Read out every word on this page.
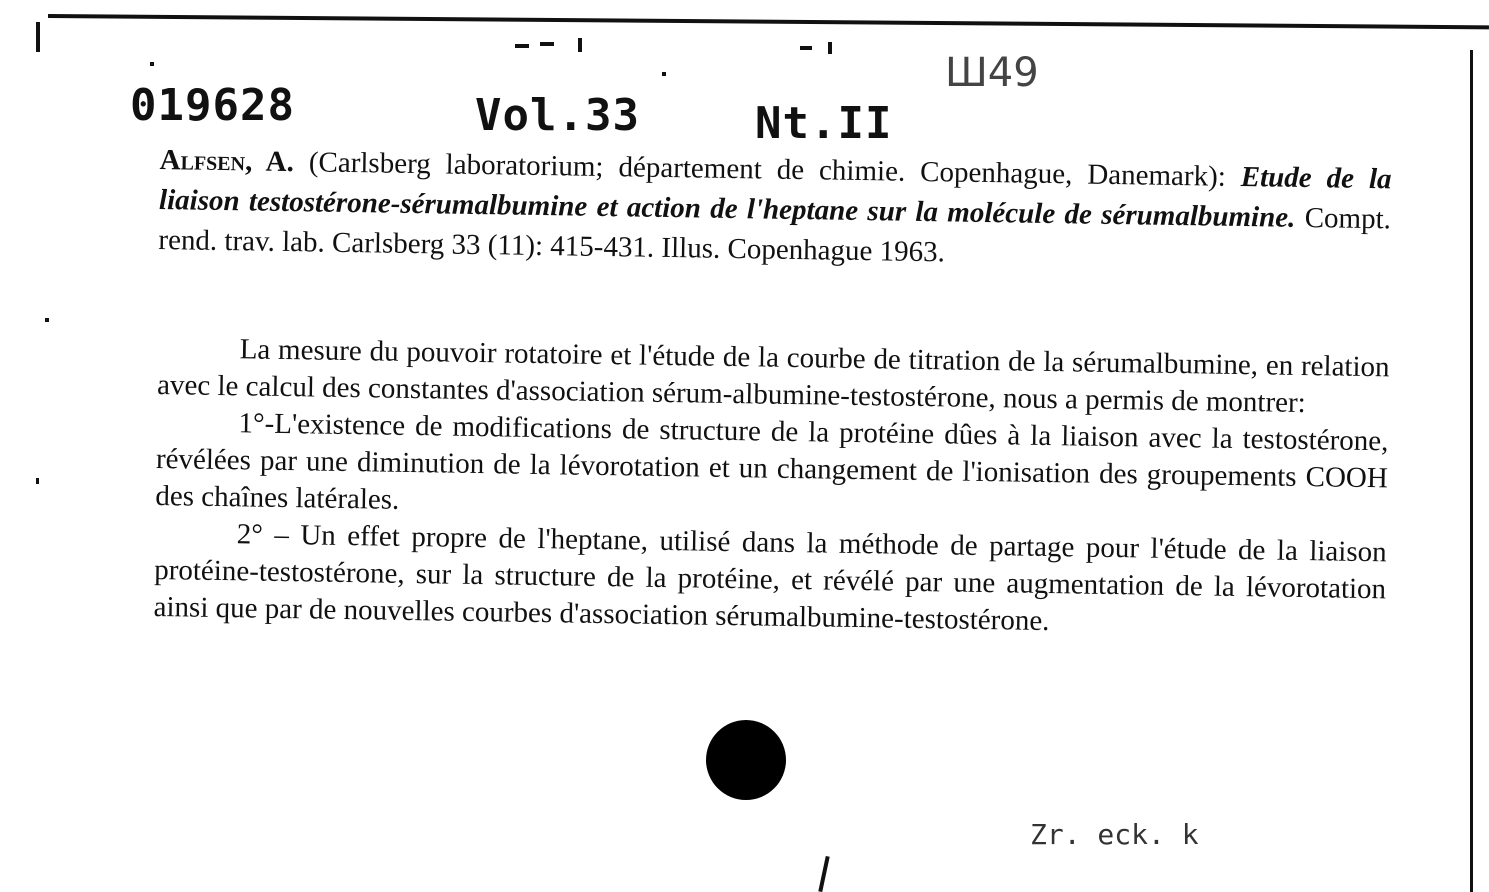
019628	Vol.33	Nt.II
Ш49
Alfsen, A. (Carlsberg laboratorium; département de chimie. Copenhague, Danemark): Etude de la liaison testostérone-sérumalbumine et action de l'heptane sur la molécule de sérumalbumine. Compt. rend. trav. lab. Carlsberg 33 (11): 415-431. Illus. Copenhague 1963.

La mesure du pouvoir rotatoire et l'étude de la courbe de titration de la sérumalbumine, en relation avec le calcul des constantes d'association sérum-albumine-testostérone, nous a permis de montrer:

1°-L'existence de modifications de structure de la protéine dûes à la liaison avec la testostérone, révélées par une diminution de la lévorotation et un changement de l'ionisation des groupements COOH des chaînes latérales.

2° – Un effet propre de l'heptane, utilisé dans la méthode de partage pour l'étude de la liaison protéine-testostérone, sur la structure de la protéine, et révélé par une augmentation de la lévorotation ainsi que par de nouvelles courbes d'association sérumalbumine-testostérone.

Zr. eck. k
